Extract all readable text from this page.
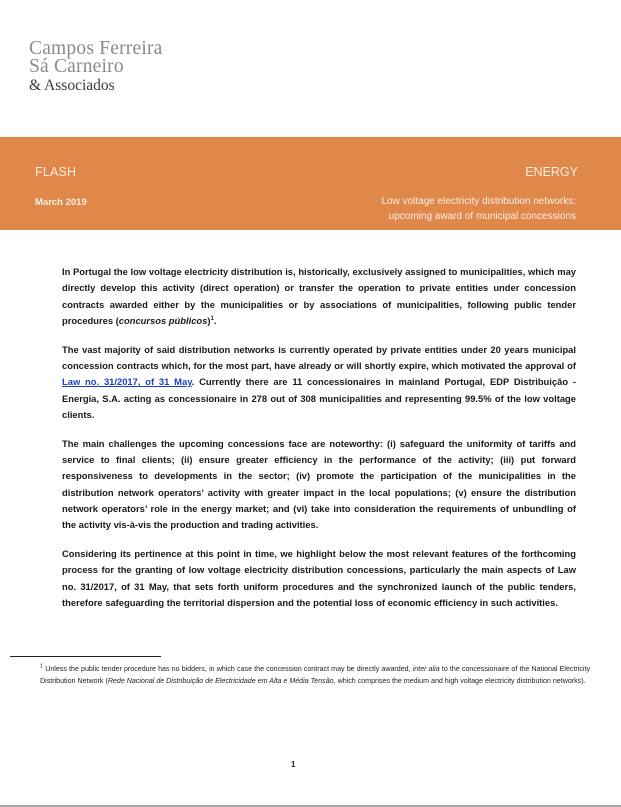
Campos Ferreira
Sá Carneiro
& Associados
FLASH
March 2019
ENERGY
Low voltage electricity distribution networks:
upcoming award of municipal concessions

In Portugal the low voltage electricity distribution is, historically, exclusively assigned to municipalities, which may directly develop this activity (direct operation) or transfer the operation to private entities under concession contracts awarded either by the municipalities or by associations of municipalities, following public tender procedures (concursos públicos)$^1$.

The vast majority of said distribution networks is currently operated by private entities under 20 years municipal concession contracts which, for the most part, have already or will shortly expire, which motivated the approval of Law no. 31/2017, of 31 May. Currently there are 11 concessionaires in mainland Portugal, EDP Distribuição - Energia, S.A. acting as concessionaire in 278 out of 308 municipalities and representing 99.5% of the low voltage clients.

The main challenges the upcoming concessions face are noteworthy: (i) safeguard the uniformity of tariffs and service to final clients; (ii) ensure greater efficiency in the performance of the activity; (iii) put forward responsiveness to developments in the sector; (iv) promote the participation of the municipalities in the distribution network operators’ activity with greater impact in the local populations; (v) ensure the distribution network operators’ role in the energy market; and (vi) take into consideration the requirements of unbundling of the activity vis-à-vis the production and trading activities.

Considering its pertinence at this point in time, we highlight below the most relevant features of the forthcoming process for the granting of low voltage electricity distribution concessions, particularly the main aspects of Law no. 31/2017, of 31 May, that sets forth uniform procedures and the synchronized launch of the public tenders, therefore safeguarding the territorial dispersion and the potential loss of economic efficiency in such activities.

$^1$ Unless the public tender procedure has no bidders, in which case the concession contract may be directly awarded, inter alia to the concessionaire of the National Electricity Distribution Network (Rede Nacional de Distribuição de Electricidade em Alta e Média Tensão, which comprises the medium and high voltage electricity distribution networks).
1
